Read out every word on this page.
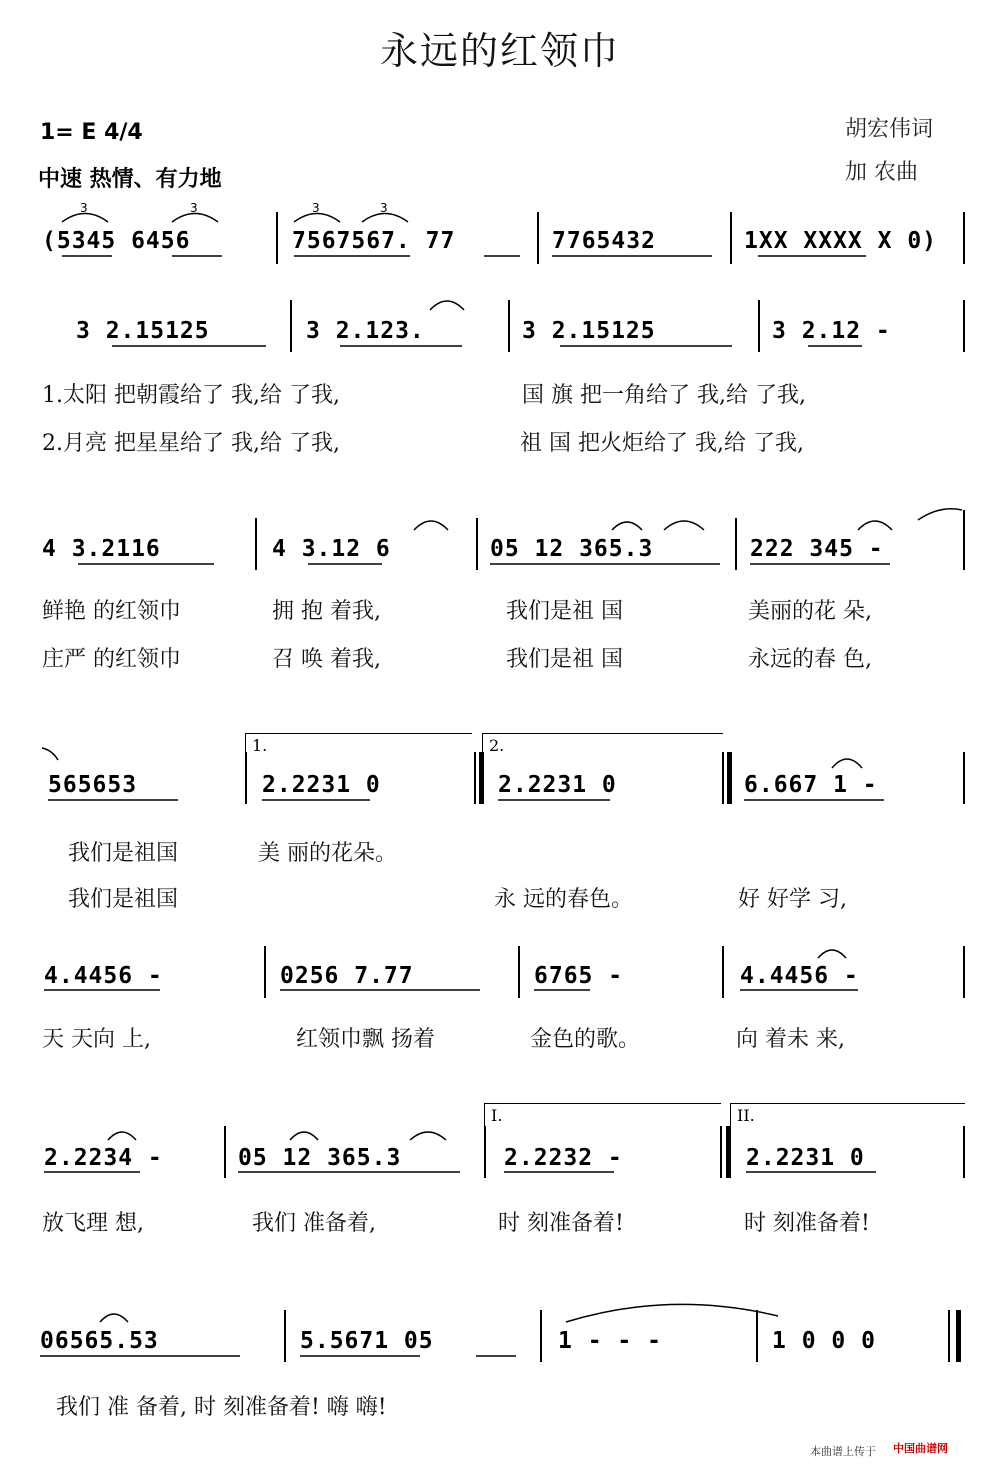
永远的红领巾
1= E 4/4
中速 热情、有力地
胡宏伟词
加 农曲
(5345 6456	7567567. 77	7765432	1XX XXXX X 0)
3 2.15125	3 2.123.	3 2.15125	3 2.12 -
1.太阳 把朝霞给了 我,给 了我,	国 旗 把一角给了 我,给 了我,
2.月亮 把星星给了 我,给 了我,	祖 国 把火炬给了 我,给 了我,
4 3.2116	4 3.12 6	05 12 365.3	222 345 -
鲜艳 的红领巾	拥 抱 着我,	我们是祖 国	美丽的花 朵,
庄严 的红领巾	召 唤 着我,	我们是祖 国	永远的春 色,
1.	2.
565653	2.2231 0	2.2231 0	6.667 1 -
我们是祖国	美 丽的花朵。
我们是祖国	永 远的春色。	好 好学 习,
4.4456 -	0256 7.77	6765 -	4.4456 -
天 天向 上,	红领巾飘 扬着	金色的歌。	向 着未 来,
I.	II.
2.2234 -	05 12 365.3	2.2232 -	2.2231 0
放飞理 想,	我们 准备着,	时 刻准备着!	时 刻准备着!
06565.53	5.5671 05	1 - - -	1 0 0 0
我们 准 备着, 时 刻准备着! 嗨 嗨!
3	3	3	3
本曲谱上传于 中国曲谱网
